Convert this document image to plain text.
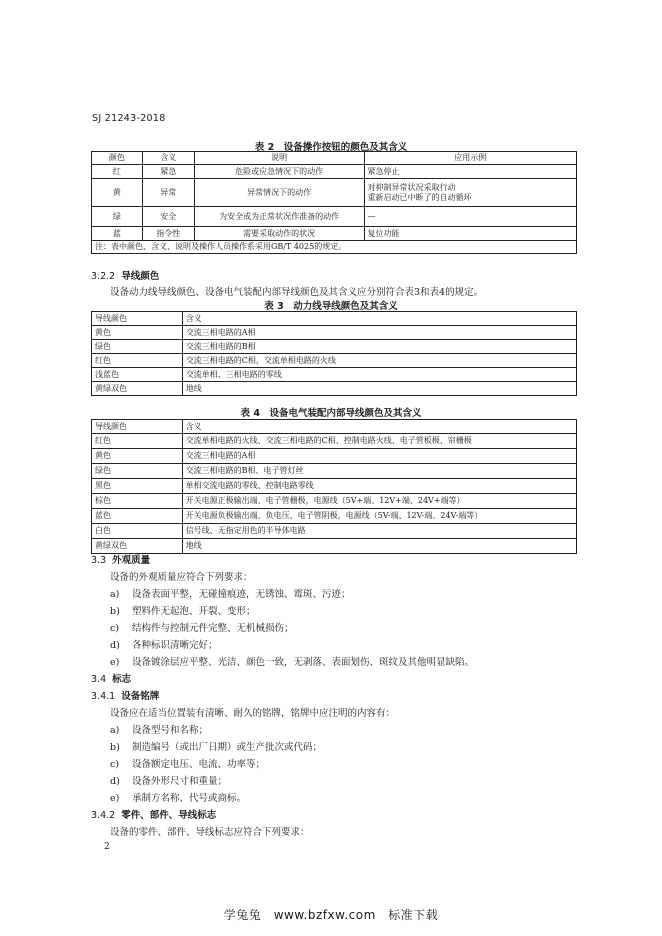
SJ 21243-2018
表 2　设备操作按钮的颜色及其含义
颜色	含义	说明	应用示例
红	紧急	危险或应急情况下的动作	紧急停止
黄	异常	异常情况下的动作	对抑制异常状况采取行动
重新启动已中断了的自动循环

绿	安全	为安全或为正常状况作准备的动作	—
蓝	指令性	需要采取动作的状况	复位功能
注：表中颜色、含义、说明及操作人员操作系采用GB/T 4025的规定。			
3.2.2 导线颜色
设备动力线导线颜色、设备电气装配内部导线颜色及其含义应分别符合表3和表4的规定。
表 3　动力线导线颜色及其含义
导线颜色	含义
黄色	交流三相电路的A相
绿色	交流三相电路的B相
红色	交流三相电路的C相，交流单相电路的火线
浅蓝色	交流单相、三相电路的零线
黄绿双色	地线
表 4　设备电气装配内部导线颜色及其含义
导线颜色	含义
红色	交流单相电路的火线、交流三相电路的C相、控制电路火线、电子管板极、帘栅极
黄色	交流三相电路的A相
绿色	交流三相电路的B相、电子管灯丝
黑色	单相交流电路的零线、控制电路零线
棕色	开关电源正极输出端、电子管栅极，电源线（5V+端、12V+端、24V+端等）
蓝色	开关电源负极输出端、负电压、电子管阴极，电源线（5V-端、12V-端、24V-端等）
白色	信号线、无指定用色的半导体电路
黄绿双色	地线
3.3 外观质量
设备的外观质量应符合下列要求：
a) 设备表面平整，无碰撞痕迹，无锈蚀、霉斑、污迹；
b) 塑料件无起泡、开裂、变形；
c) 结构件与控制元件完整、无机械损伤；
d) 各种标识清晰完好；
e) 设备镀涂层应平整、光洁、颜色一致，无剥落、表面划伤、斑纹及其他明显缺陷。
3.4 标志
3.4.1 设备铭牌
设备应在适当位置装有清晰、耐久的铭牌，铭牌中应注明的内容有：
a) 设备型号和名称；
b) 制造编号（或出厂日期）或生产批次或代码；
c) 设备额定电压、电流、功率等；
d) 设备外形尺寸和重量；
e) 承制方名称、代号或商标。
3.4.2 零件、部件、导线标志
设备的零件、部件、导线标志应符合下列要求：
2
学兔兔　www.bzfxw.com　标准下载
